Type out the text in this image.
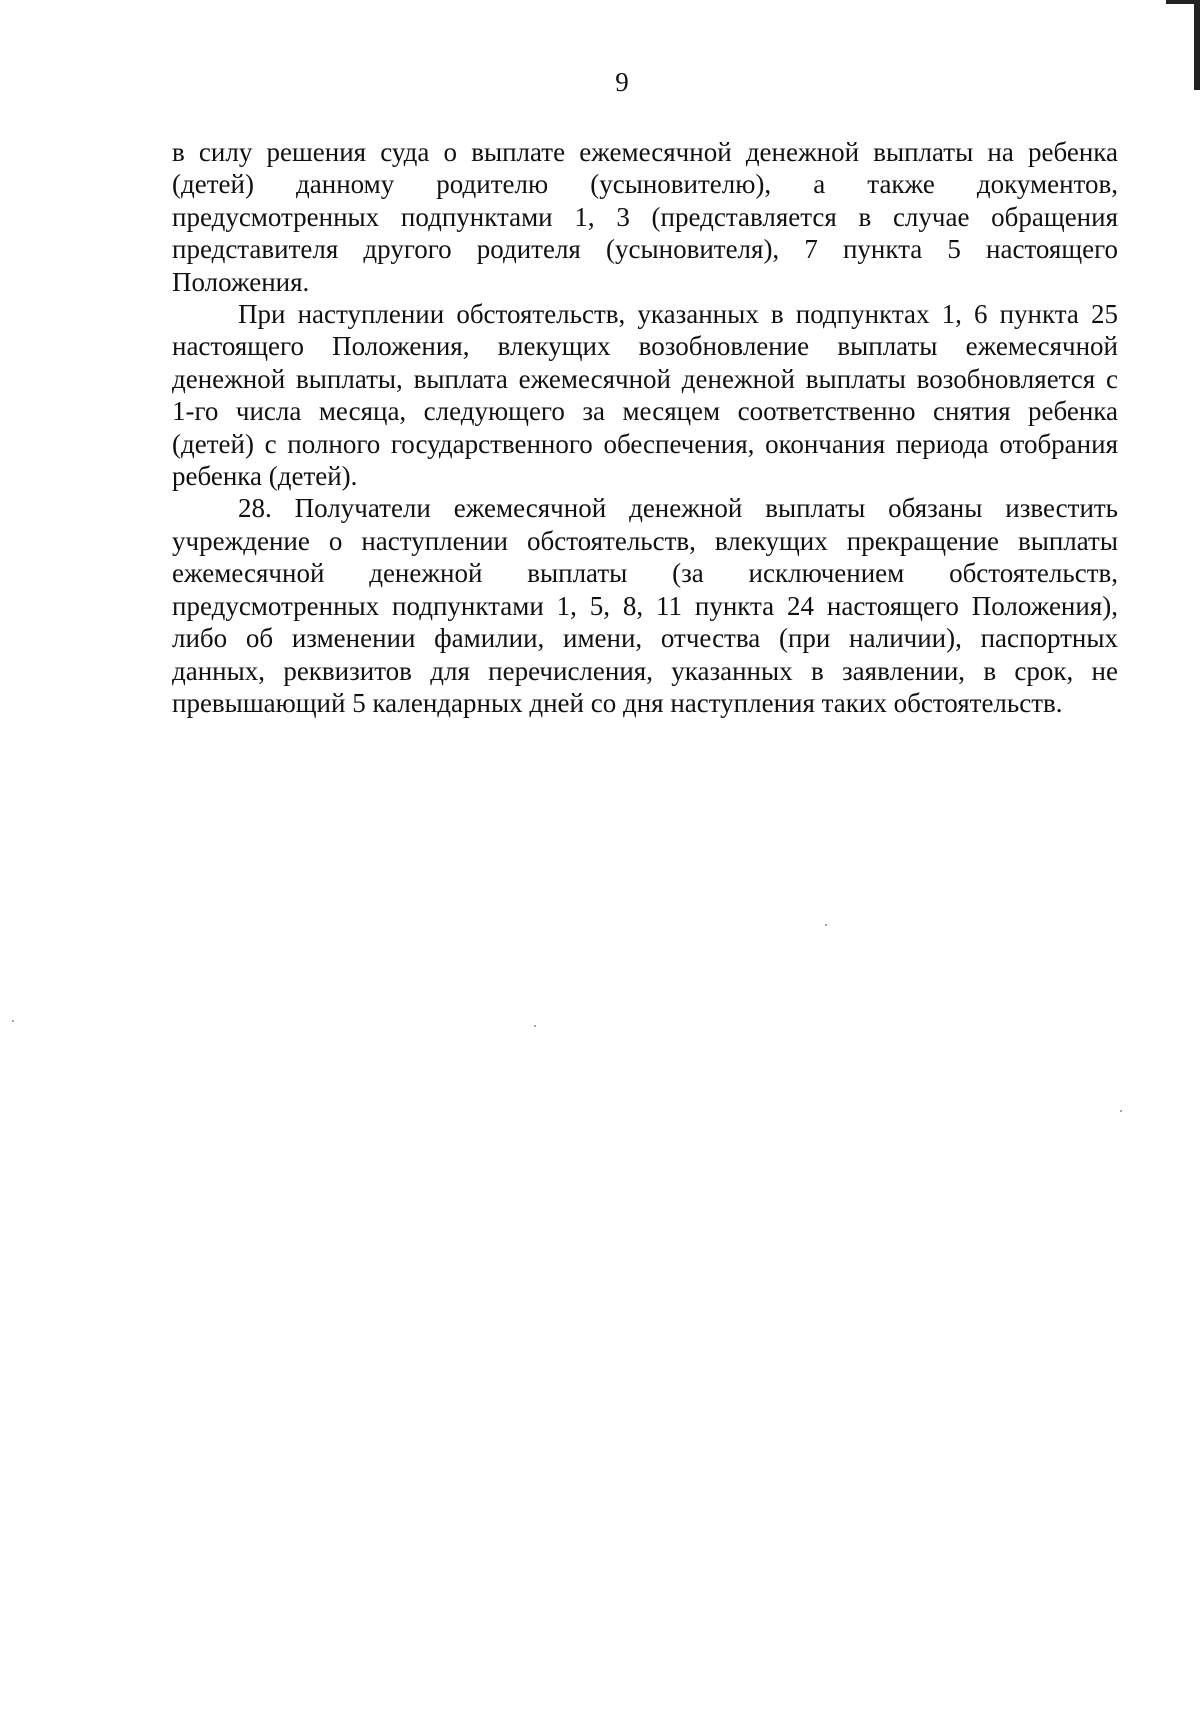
9

в силу решения суда о выплате ежемесячной денежной выплаты на ребенка (детей) данному родителю (усыновителю), а также документов, предусмотренных подпунктами 1, 3 (представляется в случае обращения представителя другого родителя (усыновителя), 7 пункта 5 настоящего Положения.

При наступлении обстоятельств, указанных в подпунктах 1, 6 пункта 25 настоящего Положения, влекущих возобновление выплаты ежемесячной денежной выплаты, выплата ежемесячной денежной выплаты возобновляется с 1-го числа месяца, следующего за месяцем соответственно снятия ребенка (детей) с полного государственного обеспечения, окончания периода отобрания ребенка (детей).

28. Получатели ежемесячной денежной выплаты обязаны известить учреждение о наступлении обстоятельств, влекущих прекращение выплаты ежемесячной денежной выплаты (за исключением обстоятельств, предусмотренных подпунктами 1, 5, 8, 11 пункта 24 настоящего Положения), либо об изменении фамилии, имени, отчества (при наличии), паспортных данных, реквизитов для перечисления, указанных в заявлении, в срок, не превышающий 5 календарных дней со дня наступления таких обстоятельств.
